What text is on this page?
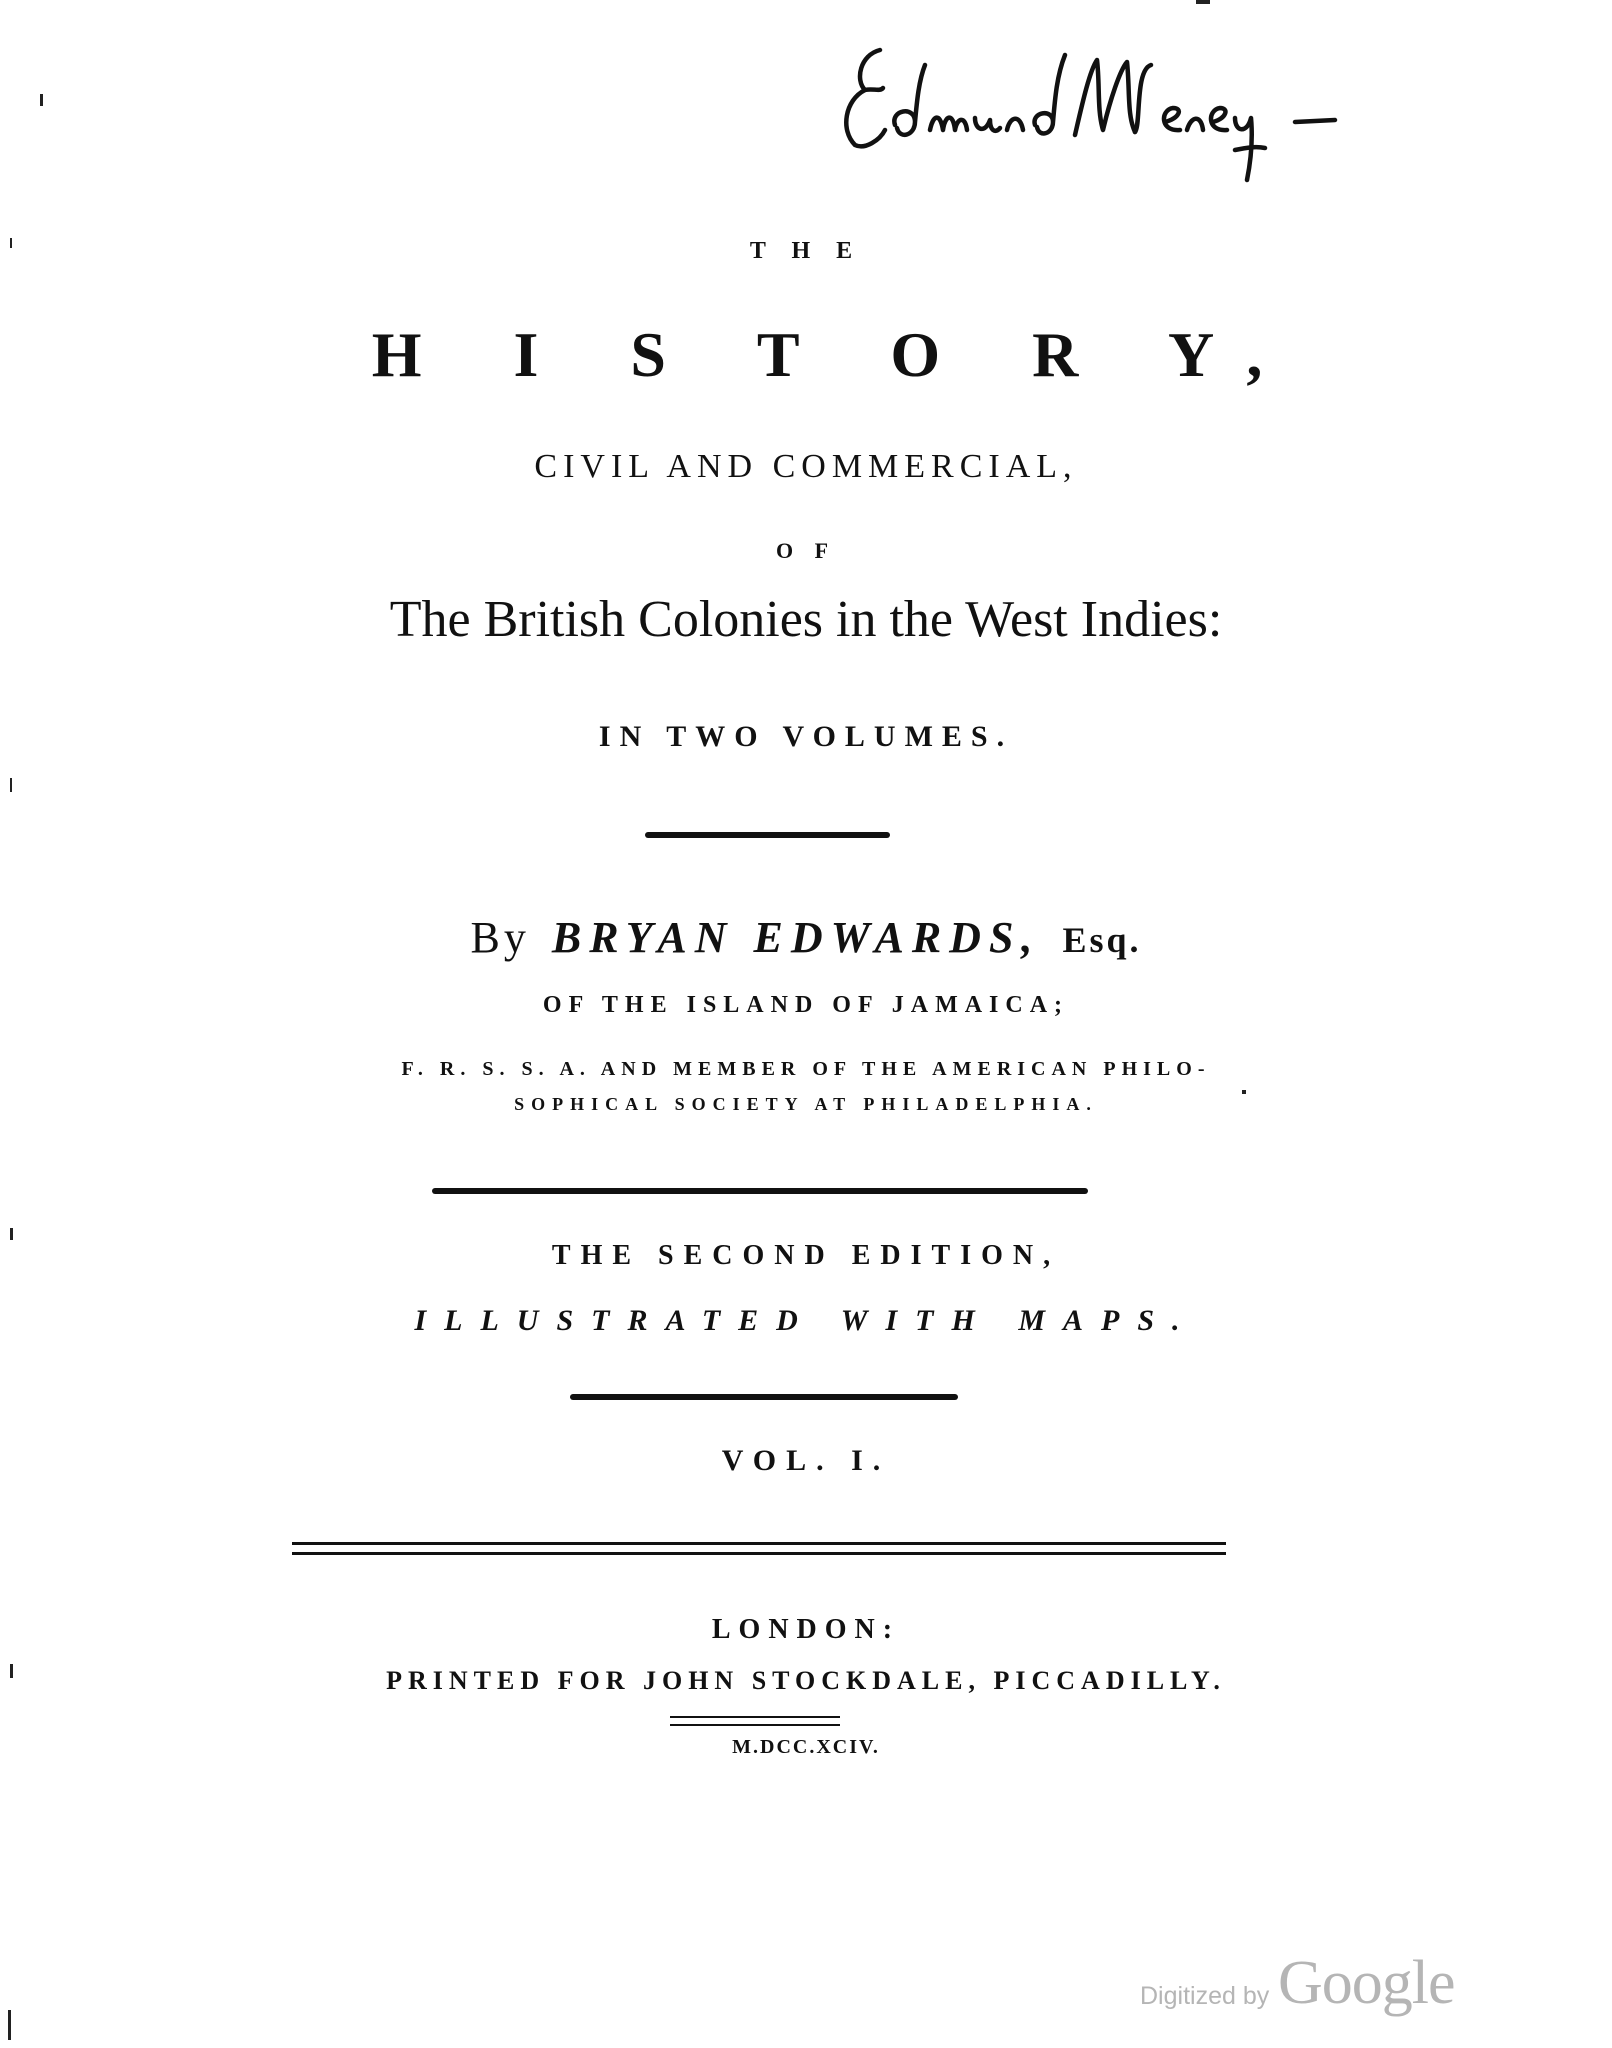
T H E
H I S T O R Y,
CIVIL AND COMMERCIAL,
O F
The British Colonies in the West Indies:
IN TWO VOLUMES.
By BRYAN EDWARDS, Esq.
OF THE ISLAND OF JAMAICA;
F. R. S. S. A. AND MEMBER OF THE AMERICAN PHILO-
SOPHICAL SOCIETY AT PHILADELPHIA.
THE SECOND EDITION,
ILLUSTRATED WITH MAPS.
VOL. I.
LONDON:
PRINTED FOR JOHN STOCKDALE, PICCADILLY.
M.DCC.XCIV.
Digitized by Google
